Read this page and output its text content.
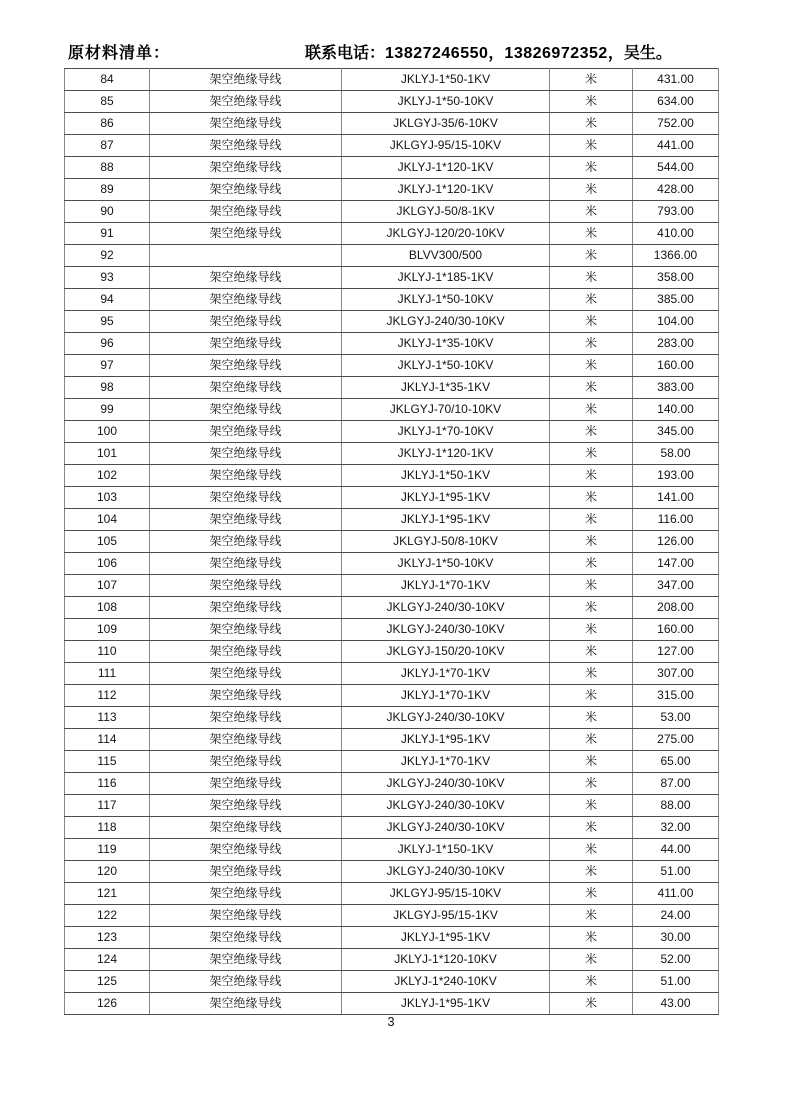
原材料清单：	联系电话：13827246550，13826972352，吴生。
84	架空绝缘导线	JKLYJ-1*50-1KV	米	431.00
85	架空绝缘导线	JKLYJ-1*50-10KV	米	634.00
86	架空绝缘导线	JKLGYJ-35/6-10KV	米	752.00
87	架空绝缘导线	JKLGYJ-95/15-10KV	米	441.00
88	架空绝缘导线	JKLYJ-1*120-1KV	米	544.00
89	架空绝缘导线	JKLYJ-1*120-1KV	米	428.00
90	架空绝缘导线	JKLGYJ-50/8-1KV	米	793.00
91	架空绝缘导线	JKLGYJ-120/20-10KV	米	410.00
92		BLVV300/500	米	1366.00
93	架空绝缘导线	JKLYJ-1*185-1KV	米	358.00
94	架空绝缘导线	JKLYJ-1*50-10KV	米	385.00
95	架空绝缘导线	JKLGYJ-240/30-10KV	米	104.00
96	架空绝缘导线	JKLYJ-1*35-10KV	米	283.00
97	架空绝缘导线	JKLYJ-1*50-10KV	米	160.00
98	架空绝缘导线	JKLYJ-1*35-1KV	米	383.00
99	架空绝缘导线	JKLGYJ-70/10-10KV	米	140.00
100	架空绝缘导线	JKLYJ-1*70-10KV	米	345.00
101	架空绝缘导线	JKLYJ-1*120-1KV	米	58.00
102	架空绝缘导线	JKLYJ-1*50-1KV	米	193.00
103	架空绝缘导线	JKLYJ-1*95-1KV	米	141.00
104	架空绝缘导线	JKLYJ-1*95-1KV	米	116.00
105	架空绝缘导线	JKLGYJ-50/8-10KV	米	126.00
106	架空绝缘导线	JKLYJ-1*50-10KV	米	147.00
107	架空绝缘导线	JKLYJ-1*70-1KV	米	347.00
108	架空绝缘导线	JKLGYJ-240/30-10KV	米	208.00
109	架空绝缘导线	JKLGYJ-240/30-10KV	米	160.00
110	架空绝缘导线	JKLGYJ-150/20-10KV	米	127.00
111	架空绝缘导线	JKLYJ-1*70-1KV	米	307.00
112	架空绝缘导线	JKLYJ-1*70-1KV	米	315.00
113	架空绝缘导线	JKLGYJ-240/30-10KV	米	53.00
114	架空绝缘导线	JKLYJ-1*95-1KV	米	275.00
115	架空绝缘导线	JKLYJ-1*70-1KV	米	65.00
116	架空绝缘导线	JKLGYJ-240/30-10KV	米	87.00
117	架空绝缘导线	JKLGYJ-240/30-10KV	米	88.00
118	架空绝缘导线	JKLGYJ-240/30-10KV	米	32.00
119	架空绝缘导线	JKLYJ-1*150-1KV	米	44.00
120	架空绝缘导线	JKLGYJ-240/30-10KV	米	51.00
121	架空绝缘导线	JKLGYJ-95/15-10KV	米	411.00
122	架空绝缘导线	JKLGYJ-95/15-1KV	米	24.00
123	架空绝缘导线	JKLYJ-1*95-1KV	米	30.00
124	架空绝缘导线	JKLYJ-1*120-10KV	米	52.00
125	架空绝缘导线	JKLYJ-1*240-10KV	米	51.00
126	架空绝缘导线	JKLYJ-1*95-1KV	米	43.00
3
